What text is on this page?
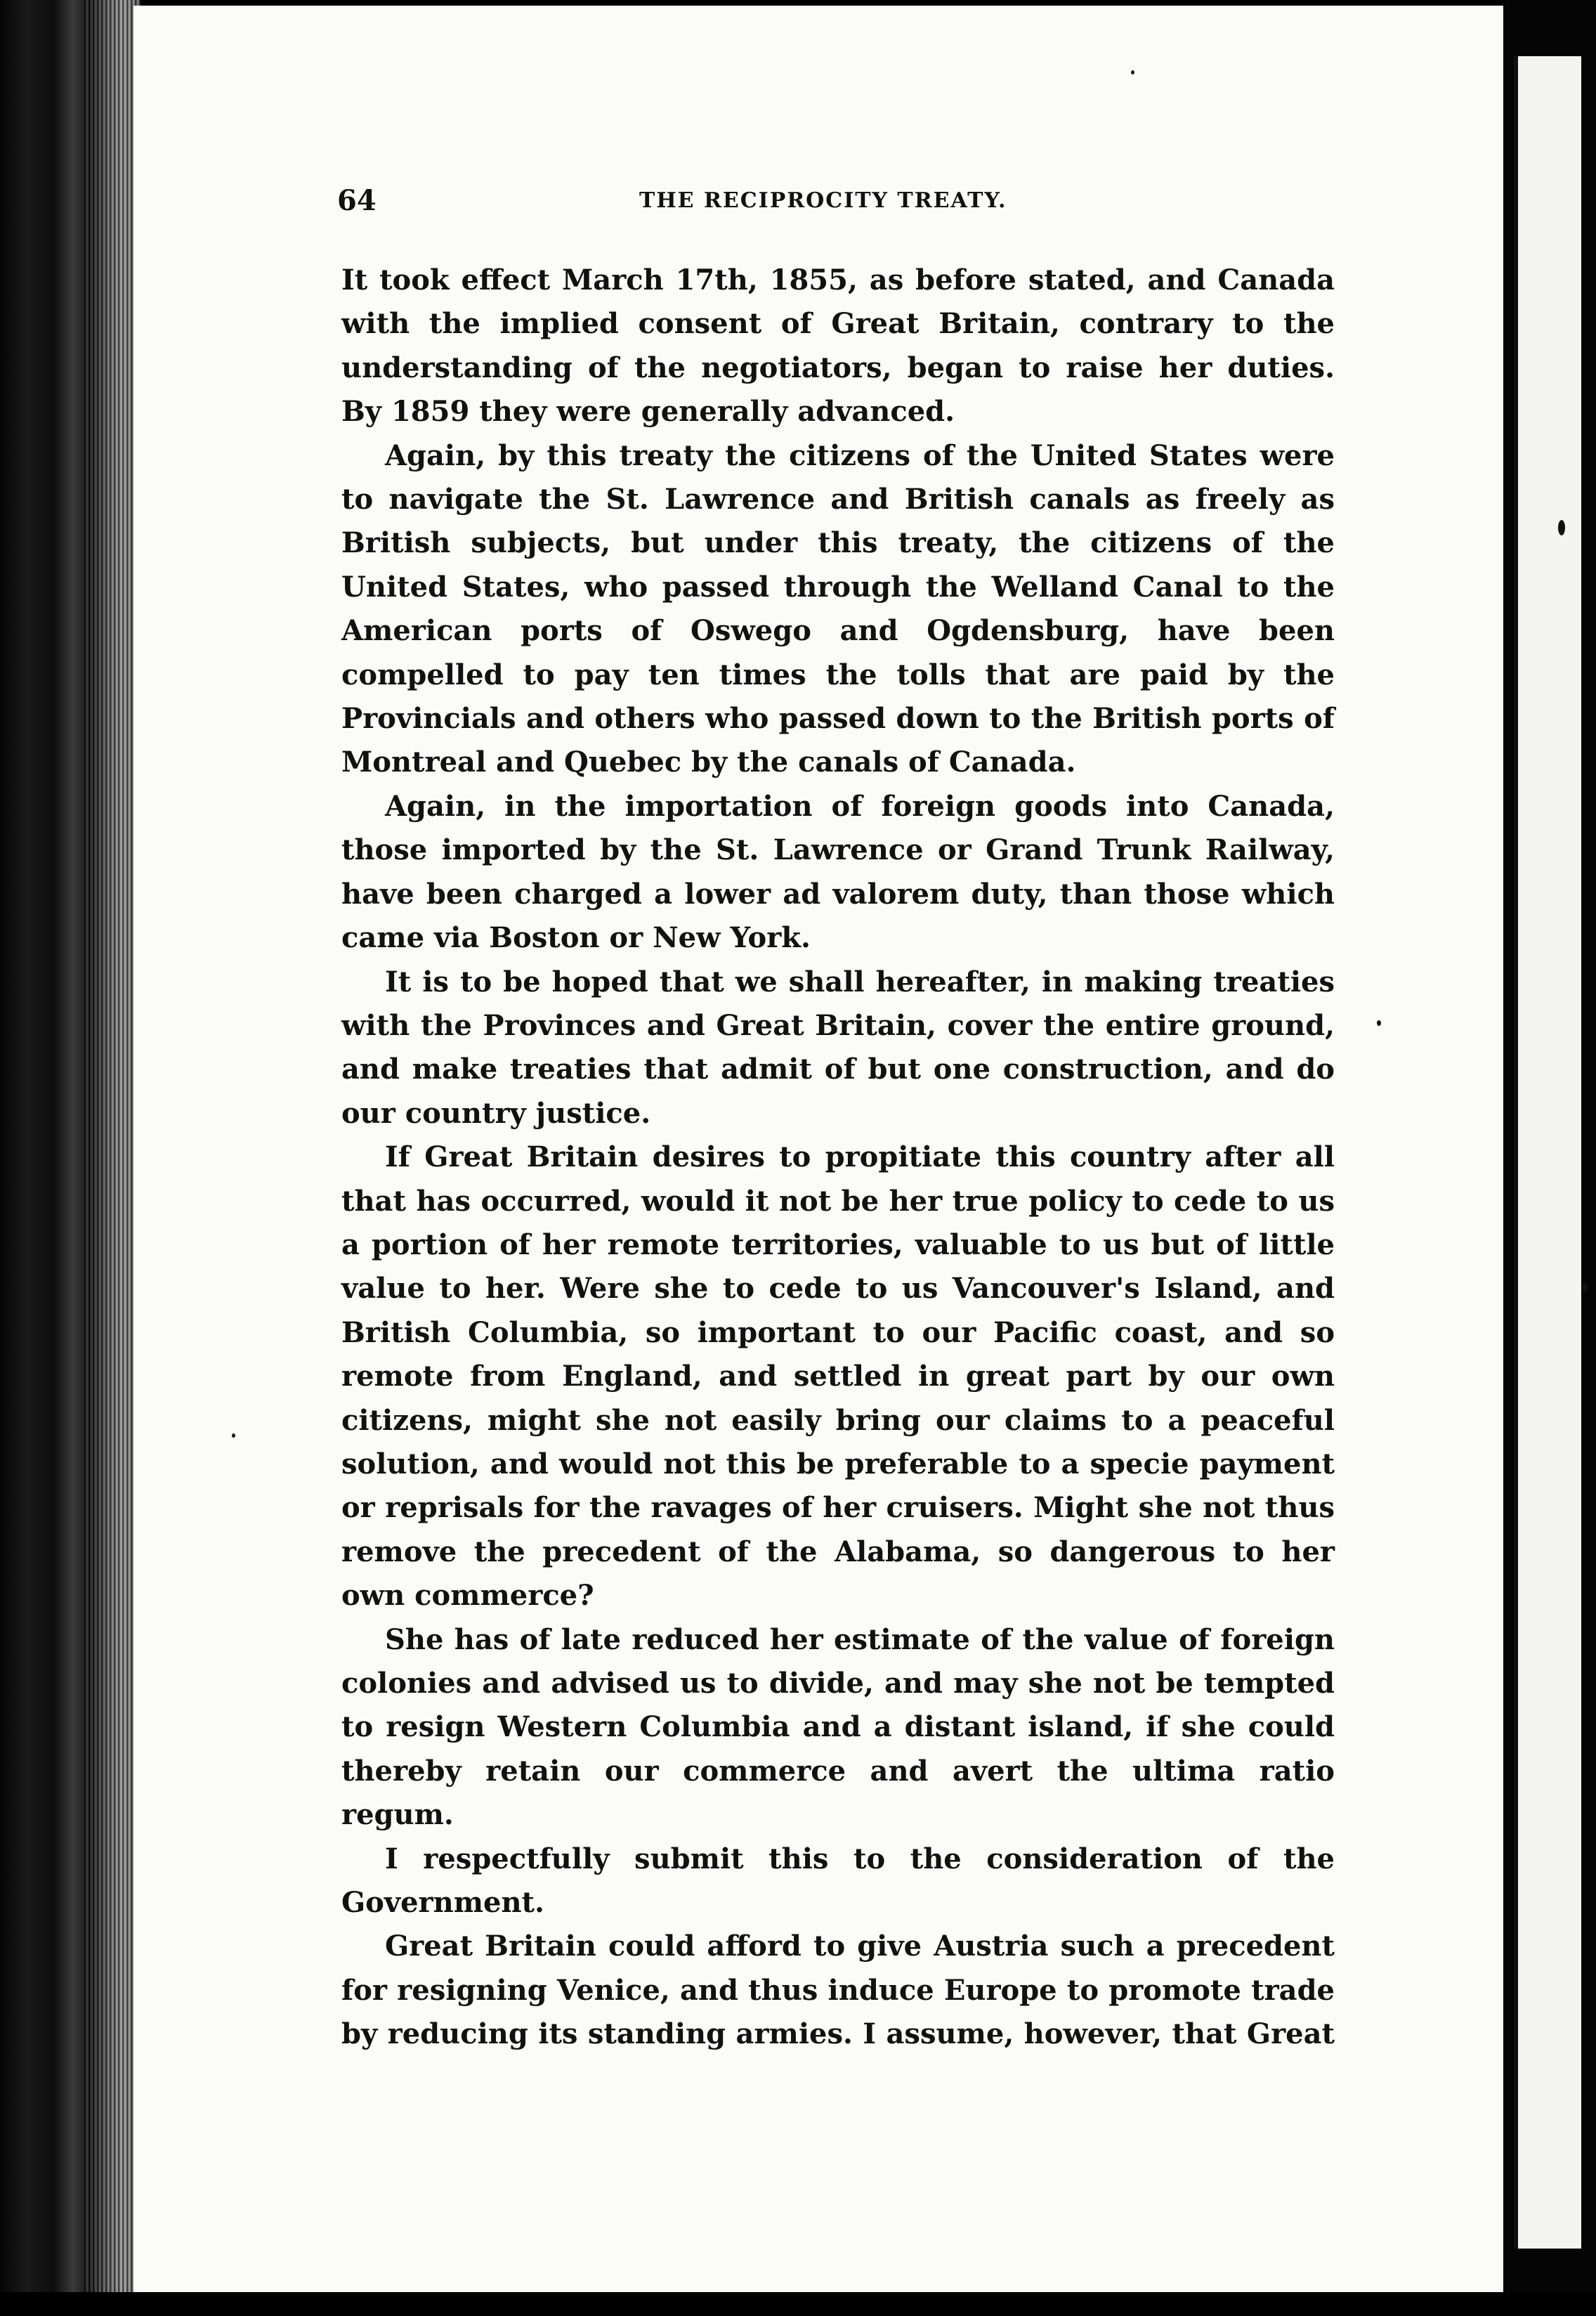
64	THE RECIPROCITY TREATY.

It took effect March 17th, 1855, as before stated, and Canada with the implied consent of Great Britain, contrary to the understanding of the negotiators, began to raise her duties. By 1859 they were generally advanced.

Again, by this treaty the citizens of the United States were to navigate the St. Lawrence and British canals as freely as British subjects, but under this treaty, the citizens of the United States, who passed through the Welland Canal to the American ports of Oswego and Ogdensburg, have been compelled to pay ten times the tolls that are paid by the Provincials and others who passed down to the British ports of Montreal and Quebec by the canals of Canada.

Again, in the importation of foreign goods into Canada, those imported by the St. Lawrence or Grand Trunk Railway, have been charged a lower ad valorem duty, than those which came via Boston or New York.

It is to be hoped that we shall hereafter, in making treaties with the Provinces and Great Britain, cover the entire ground, and make treaties that admit of but one construction, and do our country justice.

If Great Britain desires to propitiate this country after all that has occurred, would it not be her true policy to cede to us a portion of her remote territories, valuable to us but of little value to her. Were she to cede to us Vancouver's Island, and British Columbia, so important to our Pacific coast, and so remote from England, and settled in great part by our own citizens, might she not easily bring our claims to a peaceful solution, and would not this be preferable to a specie payment or reprisals for the ravages of her cruisers. Might she not thus remove the precedent of the Alabama, so dangerous to her own commerce?

She has of late reduced her estimate of the value of foreign colonies and advised us to divide, and may she not be tempted to resign Western Columbia and a distant island, if she could thereby retain our commerce and avert the ultima ratio regum.

I respectfully submit this to the consideration of the Government.

Great Britain could afford to give Austria such a precedent for resigning Venice, and thus induce Europe to promote trade by reducing its standing armies. I assume, however, that Great
